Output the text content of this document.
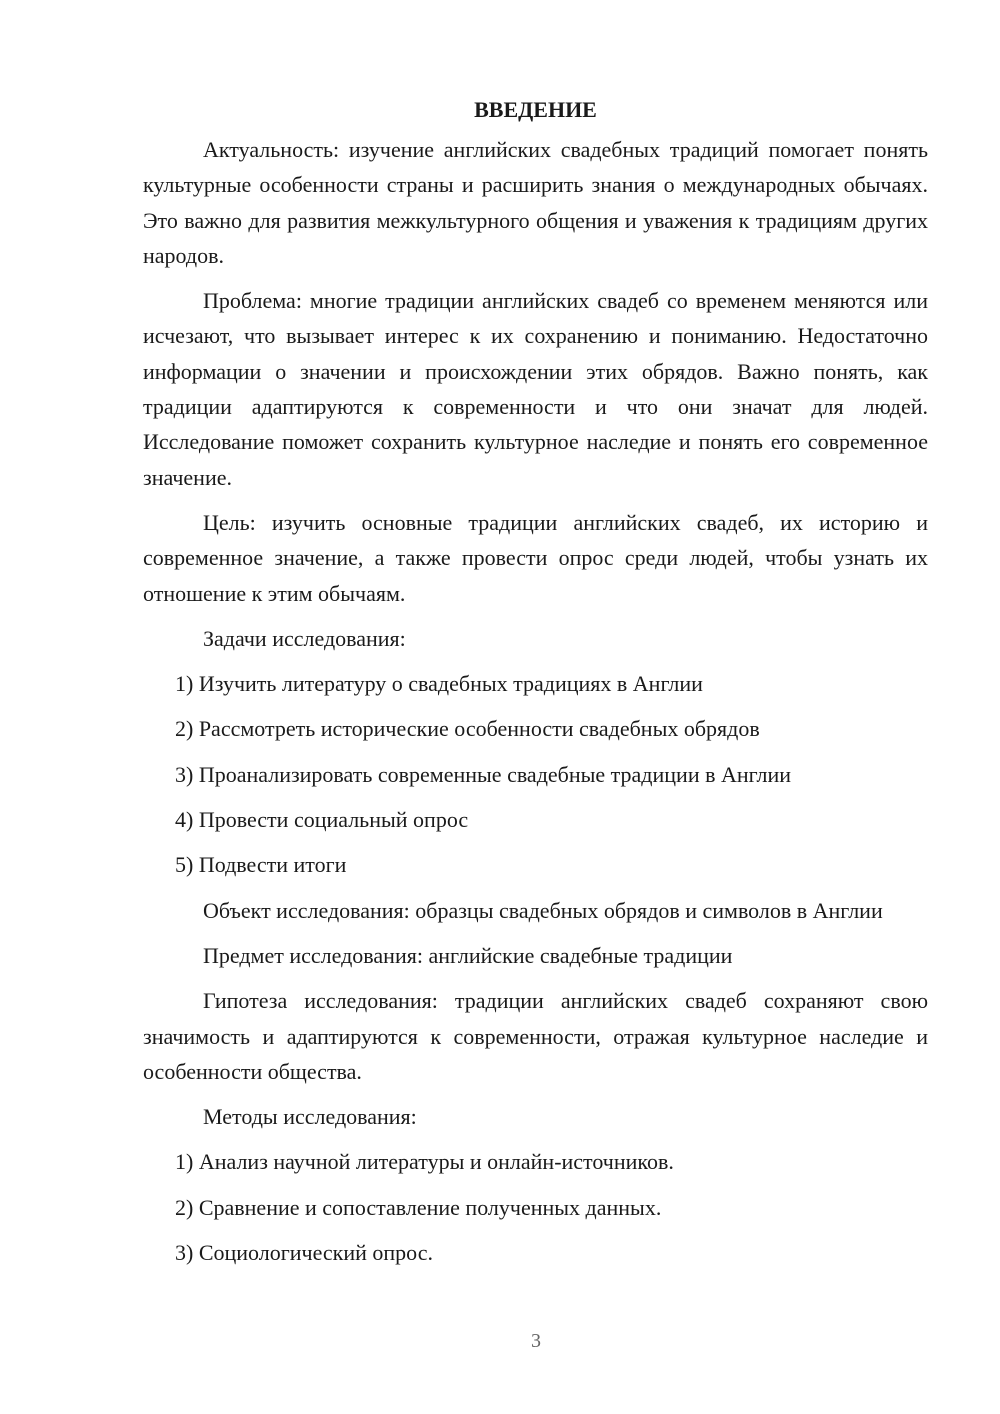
ВВЕДЕНИЕ

Актуальность: изучение английских свадебных традиций помогает понять культурные особенности страны и расширить знания о международных обычаях. Это важно для развития межкультурного общения и уважения к традициям других народов.

Проблема: многие традиции английских свадеб со временем меняются или исчезают, что вызывает интерес к их сохранению и пониманию. Недостаточно информации о значении и происхождении этих обрядов. Важно понять, как традиции адаптируются к современности и что они значат для людей. Исследование поможет сохранить культурное наследие и понять его современное значение.

Цель: изучить основные традиции английских свадеб, их историю и современное значение, а также провести опрос среди людей, чтобы узнать их отношение к этим обычаям.

Задачи исследования:
1) Изучить литературу о свадебных традициях в Англии
2) Рассмотреть исторические особенности свадебных обрядов
3) Проанализировать современные свадебные традиции в Англии
4) Провести социальный опрос
5) Подвести итоги

Объект исследования: образцы свадебных обрядов и символов в Англии

Предмет исследования: английские свадебные традиции

Гипотеза исследования: традиции английских свадеб сохраняют свою значимость и адаптируются к современности, отражая культурное наследие и особенности общества.

Методы исследования:
1) Анализ научной литературы и онлайн-источников.
2) Сравнение и сопоставление полученных данных.
3) Социологический опрос.
3
